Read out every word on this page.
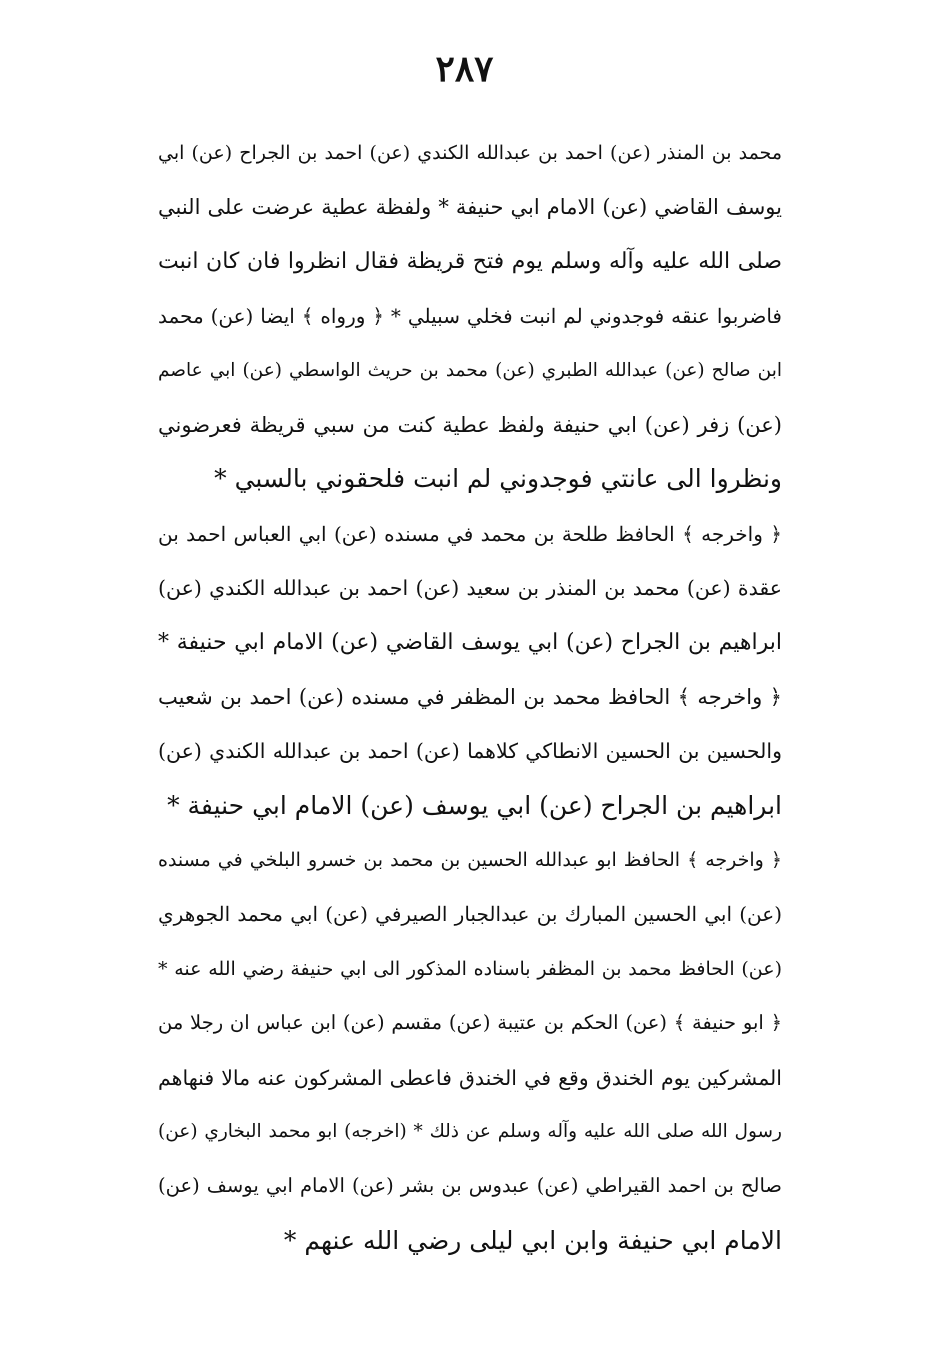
٢٨٧
محمد بن المنذر (عن) احمد بن عبدالله الكندي (عن) احمد بن الجراح (عن) ابي
يوسف القاضي (عن) الامام ابي حنيفة * ولفظة عطية عرضت على النبي
صلى الله عليه وآله وسلم يوم فتح قريظة فقال انظروا فان كان انبت
فاضربوا عنقه فوجدوني لم انبت فخلي سبيلي * ﴿ ورواه ﴾ ايضا (عن) محمد
ابن صالح (عن) عبدالله الطبري (عن) محمد بن حريث الواسطي (عن) ابي عاصم
(عن) زفر (عن) ابي حنيفة ولفظ عطية كنت من سبي قريظة فعرضوني
ونظروا الى عانتي فوجدوني لم انبت فلحقوني بالسبي *
﴿ واخرجه ﴾ الحافظ طلحة بن محمد في مسنده (عن) ابي العباس احمد بن
عقدة (عن) محمد بن المنذر بن سعيد (عن) احمد بن عبدالله الكندي (عن)
ابراهيم بن الجراح (عن) ابي يوسف القاضي (عن) الامام ابي حنيفة *
﴿ واخرجه ﴾ الحافظ محمد بن المظفر في مسنده (عن) احمد بن شعيب
والحسين بن الحسين الانطاكي كلاهما (عن) احمد بن عبدالله الكندي (عن)
ابراهيم بن الجراح (عن) ابي يوسف (عن) الامام ابي حنيفة *
﴿ واخرجه ﴾ الحافظ ابو عبدالله الحسين بن محمد بن خسرو البلخي في مسنده
(عن) ابي الحسين المبارك بن عبدالجبار الصيرفي (عن) ابي محمد الجوهري
(عن) الحافظ محمد بن المظفر باسناده المذكور الى ابي حنيفة رضي الله عنه *
﴿ ابو حنيفة ﴾ (عن) الحكم بن عتيبة (عن) مقسم (عن) ابن عباس ان رجلا من
المشركين يوم الخندق وقع في الخندق فاعطى المشركون عنه مالا فنهاهم
رسول الله صلى الله عليه وآله وسلم عن ذلك * (اخرجه) ابو محمد البخاري (عن)
صالح بن احمد القيراطي (عن) عبدوس بن بشر (عن) الامام ابي يوسف (عن)
الامام ابي حنيفة وابن ابي ليلى رضي الله عنهم *
